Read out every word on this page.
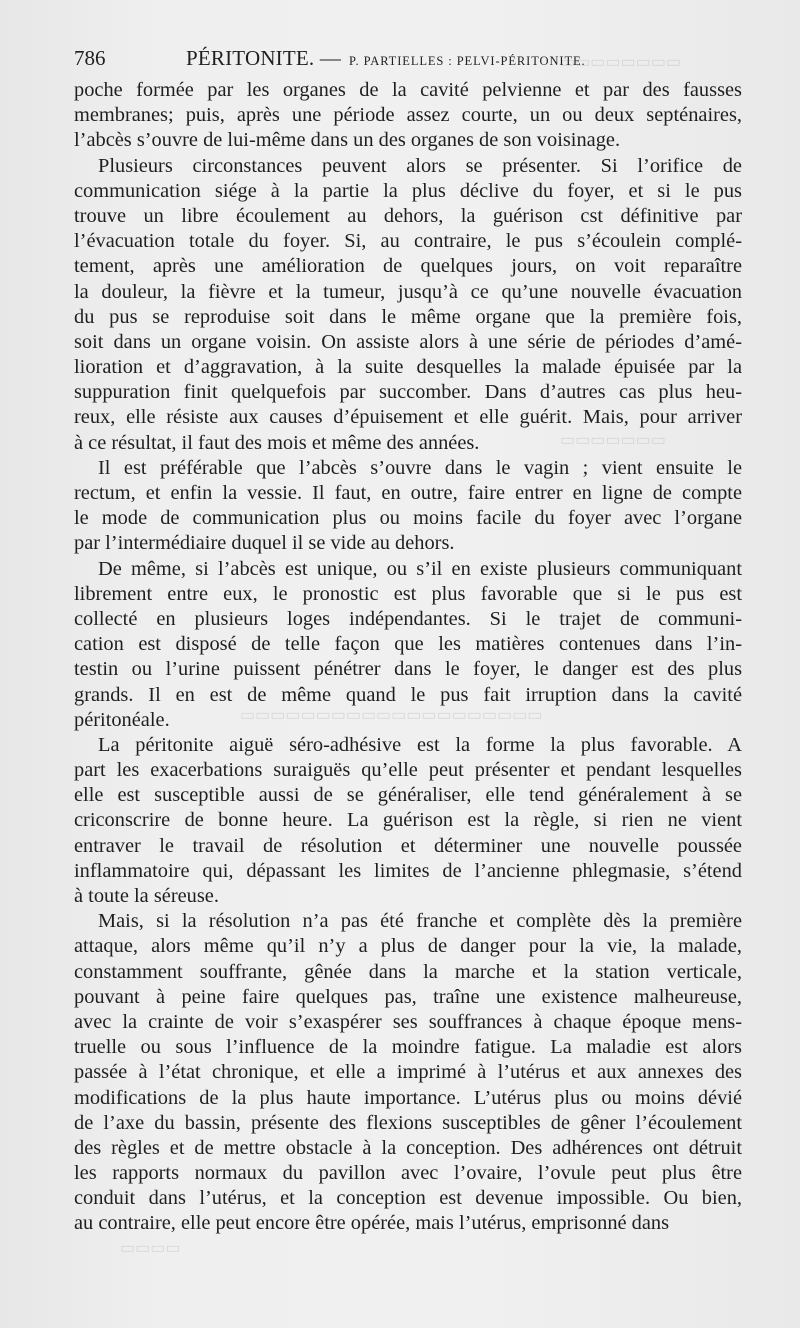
▭▭▭▭▭▭▭▭
▭▭▭▭▭▭▭
▭▭▭▭▭▭▭▭▭▭▭▭▭▭▭▭▭▭▭▭
▭▭▭▭
786	PÉRITONITE. — P. PARTIELLES : PELVI-PÉRITONITE.

poche formée par les organes de la cavité pelvienne et par des fausses
membranes; puis, après une période assez courte, un ou deux septénaires,
l’abcès s’ouvre de lui-même dans un des organes de son voisinage.

Plusieurs circonstances peuvent alors se présenter. Si l’orifice de
communication siége à la partie la plus déclive du foyer, et si le pus
trouve un libre écoulement au dehors, la guérison cst définitive par
l’évacuation totale du foyer. Si, au contraire, le pus s’écoulein complé-
tement, après une amélioration de quelques jours, on voit reparaître
la douleur, la fièvre et la tumeur, jusqu’à ce qu’une nouvelle évacuation
du pus se reproduise soit dans le même organe que la première fois,
soit dans un organe voisin. On assiste alors à une série de périodes d’amé-
lioration et d’aggravation, à la suite desquelles la malade épuisée par la
suppuration finit quelquefois par succomber. Dans d’autres cas plus heu-
reux, elle résiste aux causes d’épuisement et elle guérit. Mais, pour arriver
à ce résultat, il faut des mois et même des années.

Il est préférable que l’abcès s’ouvre dans le vagin ; vient ensuite le
rectum, et enfin la vessie. Il faut, en outre, faire entrer en ligne de compte
le mode de communication plus ou moins facile du foyer avec l’organe
par l’intermédiaire duquel il se vide au dehors.

De même, si l’abcès est unique, ou s’il en existe plusieurs communiquant
librement entre eux, le pronostic est plus favorable que si le pus est
collecté en plusieurs loges indépendantes. Si le trajet de communi-
cation est disposé de telle façon que les matières contenues dans l’in-
testin ou l’urine puissent pénétrer dans le foyer, le danger est des plus
grands. Il en est de même quand le pus fait irruption dans la cavité
péritonéale.

La péritonite aiguë séro-adhésive est la forme la plus favorable. A
part les exacerbations suraiguës qu’elle peut présenter et pendant lesquelles
elle est susceptible aussi de se généraliser, elle tend généralement à se
criconscrire de bonne heure. La guérison est la règle, si rien ne vient
entraver le travail de résolution et déterminer une nouvelle poussée
inflammatoire qui, dépassant les limites de l’ancienne phlegmasie, s’étend
à toute la séreuse.

Mais, si la résolution n’a pas été franche et complète dès la première
attaque, alors même qu’il n’y a plus de danger pour la vie, la malade,
constamment souffrante, gênée dans la marche et la station verticale,
pouvant à peine faire quelques pas, traîne une existence malheureuse,
avec la crainte de voir s’exaspérer ses souffrances à chaque époque mens-
truelle ou sous l’influence de la moindre fatigue. La maladie est alors
passée à l’état chronique, et elle a imprimé à l’utérus et aux annexes des
modifications de la plus haute importance. L’utérus plus ou moins dévié
de l’axe du bassin, présente des flexions susceptibles de gêner l’écoulement
des règles et de mettre obstacle à la conception. Des adhérences ont détruit
les rapports normaux du pavillon avec l’ovaire, l’ovule peut plus être
conduit dans l’utérus, et la conception est devenue impossible. Ou bien,
au contraire, elle peut encore être opérée, mais l’utérus, emprisonné dans
